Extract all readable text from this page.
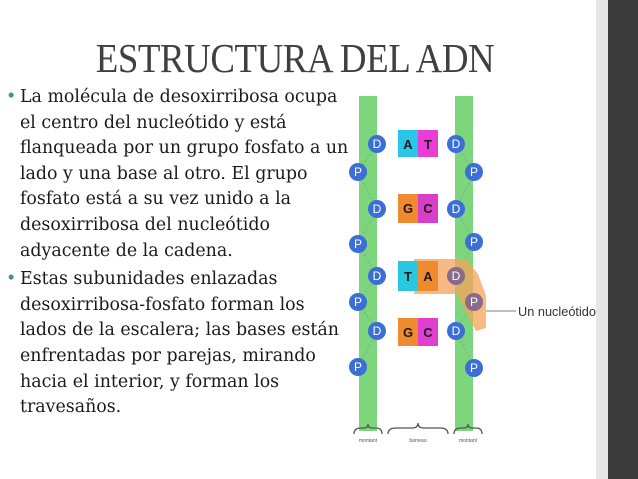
ESTRUCTURA DEL ADN
• La molécula de desoxirribosa ocupa el centro del nucleótido y está flanqueada por un grupo fosfato a un lado y una base al otro. El grupo fosfato está a su vez unido a la desoxirribosa del nucleótido adyacente de la cadena.
• Estas subunidades enlazadas desoxirribosa-fosfato forman los lados de la escalera; las bases están enfrentadas por parejas, mirando hacia el interior, y forman los travesaños.
Un nucleótido
A T
G C
T A
G C
D	D
D	D
D	D
D	D
P	P
P	P
P	P
P	P
montant	barreau	montant
